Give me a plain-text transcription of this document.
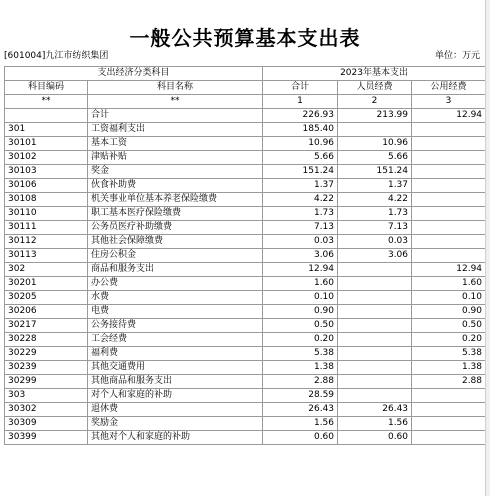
一般公共预算基本支出表
[601004]九江市纺织集团	单位：万元
支出经济分类科目		2023年基本支出		
科目编码	科目名称	合计	人员经费	公用经费
**	**	1	2	3
	合计	226.93	213.99	12.94
301	工资福利支出	185.40		
30101	基本工资	10.96	10.96	
30102	津贴补贴	5.66	5.66	
30103	奖金	151.24	151.24	
30106	伙食补助费	1.37	1.37	
30108	机关事业单位基本养老保险缴费	4.22	4.22	
30110	职工基本医疗保险缴费	1.73	1.73	
30111	公务员医疗补助缴费	7.13	7.13	
30112	其他社会保障缴费	0.03	0.03	
30113	住房公积金	3.06	3.06	
302	商品和服务支出	12.94		12.94
30201	办公费	1.60		1.60
30205	水费	0.10		0.10
30206	电费	0.90		0.90
30217	公务接待费	0.50		0.50
30228	工会经费	0.20		0.20
30229	福利费	5.38		5.38
30239	其他交通费用	1.38		1.38
30299	其他商品和服务支出	2.88		2.88
303	对个人和家庭的补助	28.59		
30302	退休费	26.43	26.43	
30309	奖励金	1.56	1.56	
30399	其他对个人和家庭的补助	0.60	0.60	
